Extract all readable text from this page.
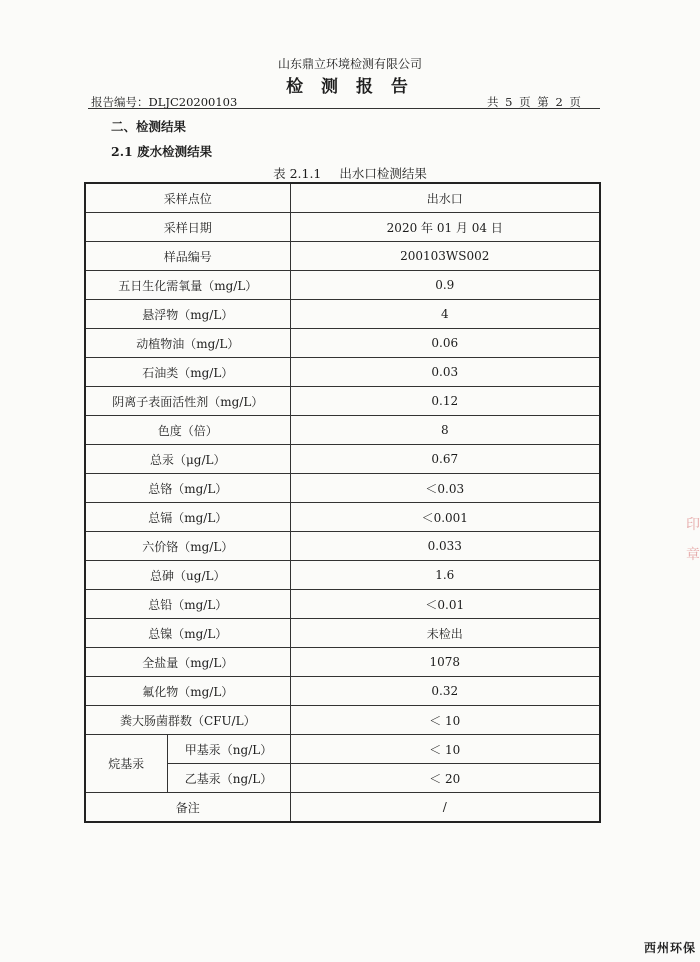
山东鼎立环境检测有限公司
检 测 报 告
报告编号：DLJC20200103	共 5 页 第 2 页
二、检测结果
2.1 废水检测结果
表 2.1.1 出水口检测结果
采样点位		出水口
采样日期		2020 年 01 月 04 日
样品编号		200103WS002
五日生化需氧量（mg/L）		0.9
悬浮物（mg/L）		4
动植物油（mg/L）		0.06
石油类（mg/L）		0.03
阴离子表面活性剂（mg/L）		0.12
色度（倍）		8
总汞（μg/L）		0.67
总铬（mg/L）		＜0.03
总镉（mg/L）		＜0.001
六价铬（mg/L）		0.033
总砷（ug/L）		1.6
总铅（mg/L）		＜0.01
总镍（mg/L）		未检出
全盐量（mg/L）		1078
氟化物（mg/L）		0.32
粪大肠菌群数（CFU/L）		＜ 10
烷基汞	甲基汞（ng/L）	＜ 10
	乙基汞（ng/L）	＜ 20
备注		/
印
章
西州环保
